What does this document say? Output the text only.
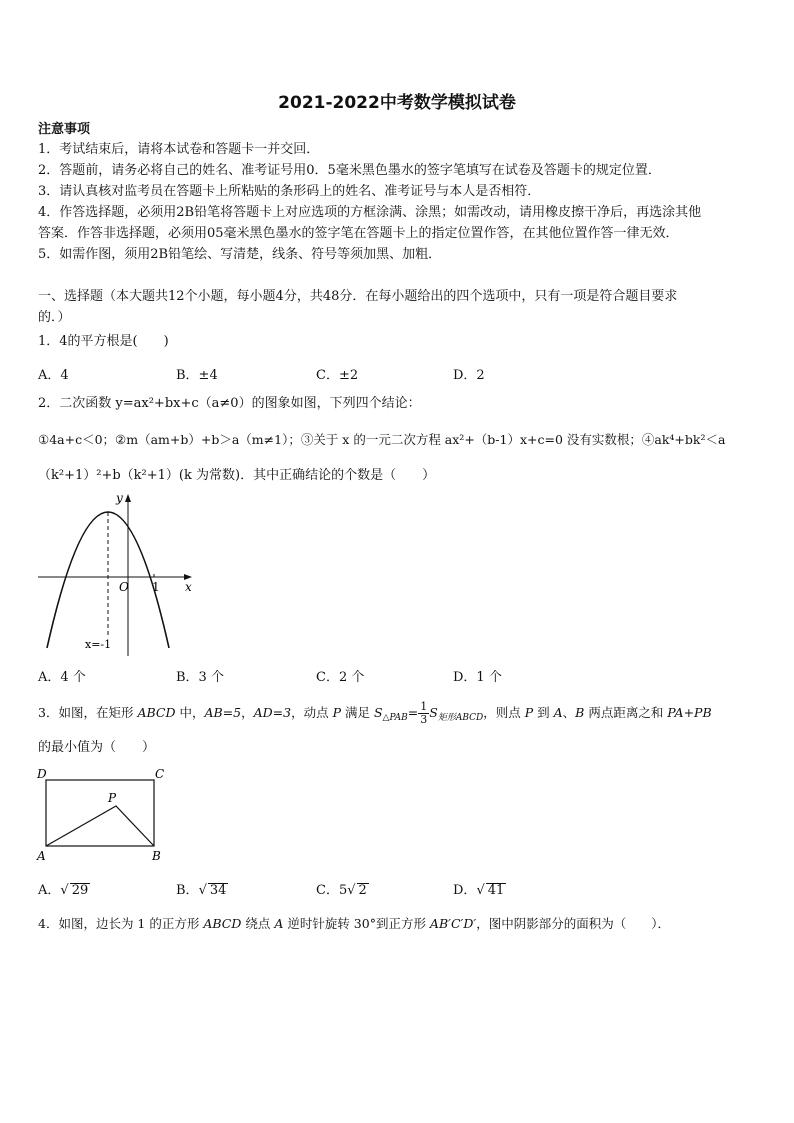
2021-2022中考数学模拟试卷
注意事项
1．考试结束后，请将本试卷和答题卡一并交回．
2．答题前，请务必将自己的姓名、准考证号用0．5毫米黑色墨水的签字笔填写在试卷及答题卡的规定位置．
3．请认真核对监考员在答题卡上所粘贴的条形码上的姓名、准考证号与本人是否相符．
4．作答选择题，必须用2B铅笔将答题卡上对应选项的方框涂满、涂黑；如需改动，请用橡皮擦干净后，再选涂其他
答案．作答非选择题，必须用05毫米黑色墨水的签字笔在答题卡上的指定位置作答，在其他位置作答一律无效．
5．如需作图，须用2B铅笔绘、写清楚，线条、符号等须加黑、加粗．
一、选择题（本大题共12个小题，每小题4分，共48分．在每小题给出的四个选项中，只有一项是符合题目要求
的．）
1．4的平方根是(　　)
A．4	B．±4	C．±2	D．2
2．二次函数 y=ax²+bx+c（a≠0）的图象如图，下列四个结论：
①4a+c＜0；②m（am+b）+b＞a（m≠1）；③关于 x 的一元二次方程 ax²+（b-1）x+c=0 没有实数根；④ak⁴+bk²＜a
（k²+1）²+b（k²+1）(k 为常数)．其中正确结论的个数是（　　）
1
O	x
y
x=-1
A．4 个	B．3 个	C．2 个	D．1 个
3．如图，在矩形 ABCD 中，AB=5，AD=3，动点 P 满足 $S_{\triangle PAB}= \frac{1}{3} S_{矩形ABCD}$，则点 P 到 A、B 两点距离之和 PA+PB
的最小值为（　　）
A	B
C
D
P
A．√ 29	B．√ 34	C．5√ 2	D．√ 41
4．如图，边长为 1 的正方形 ABCD 绕点 A 逆时针旋转 30°到正方形 AB′C′D′，图中阴影部分的面积为（　　）．
